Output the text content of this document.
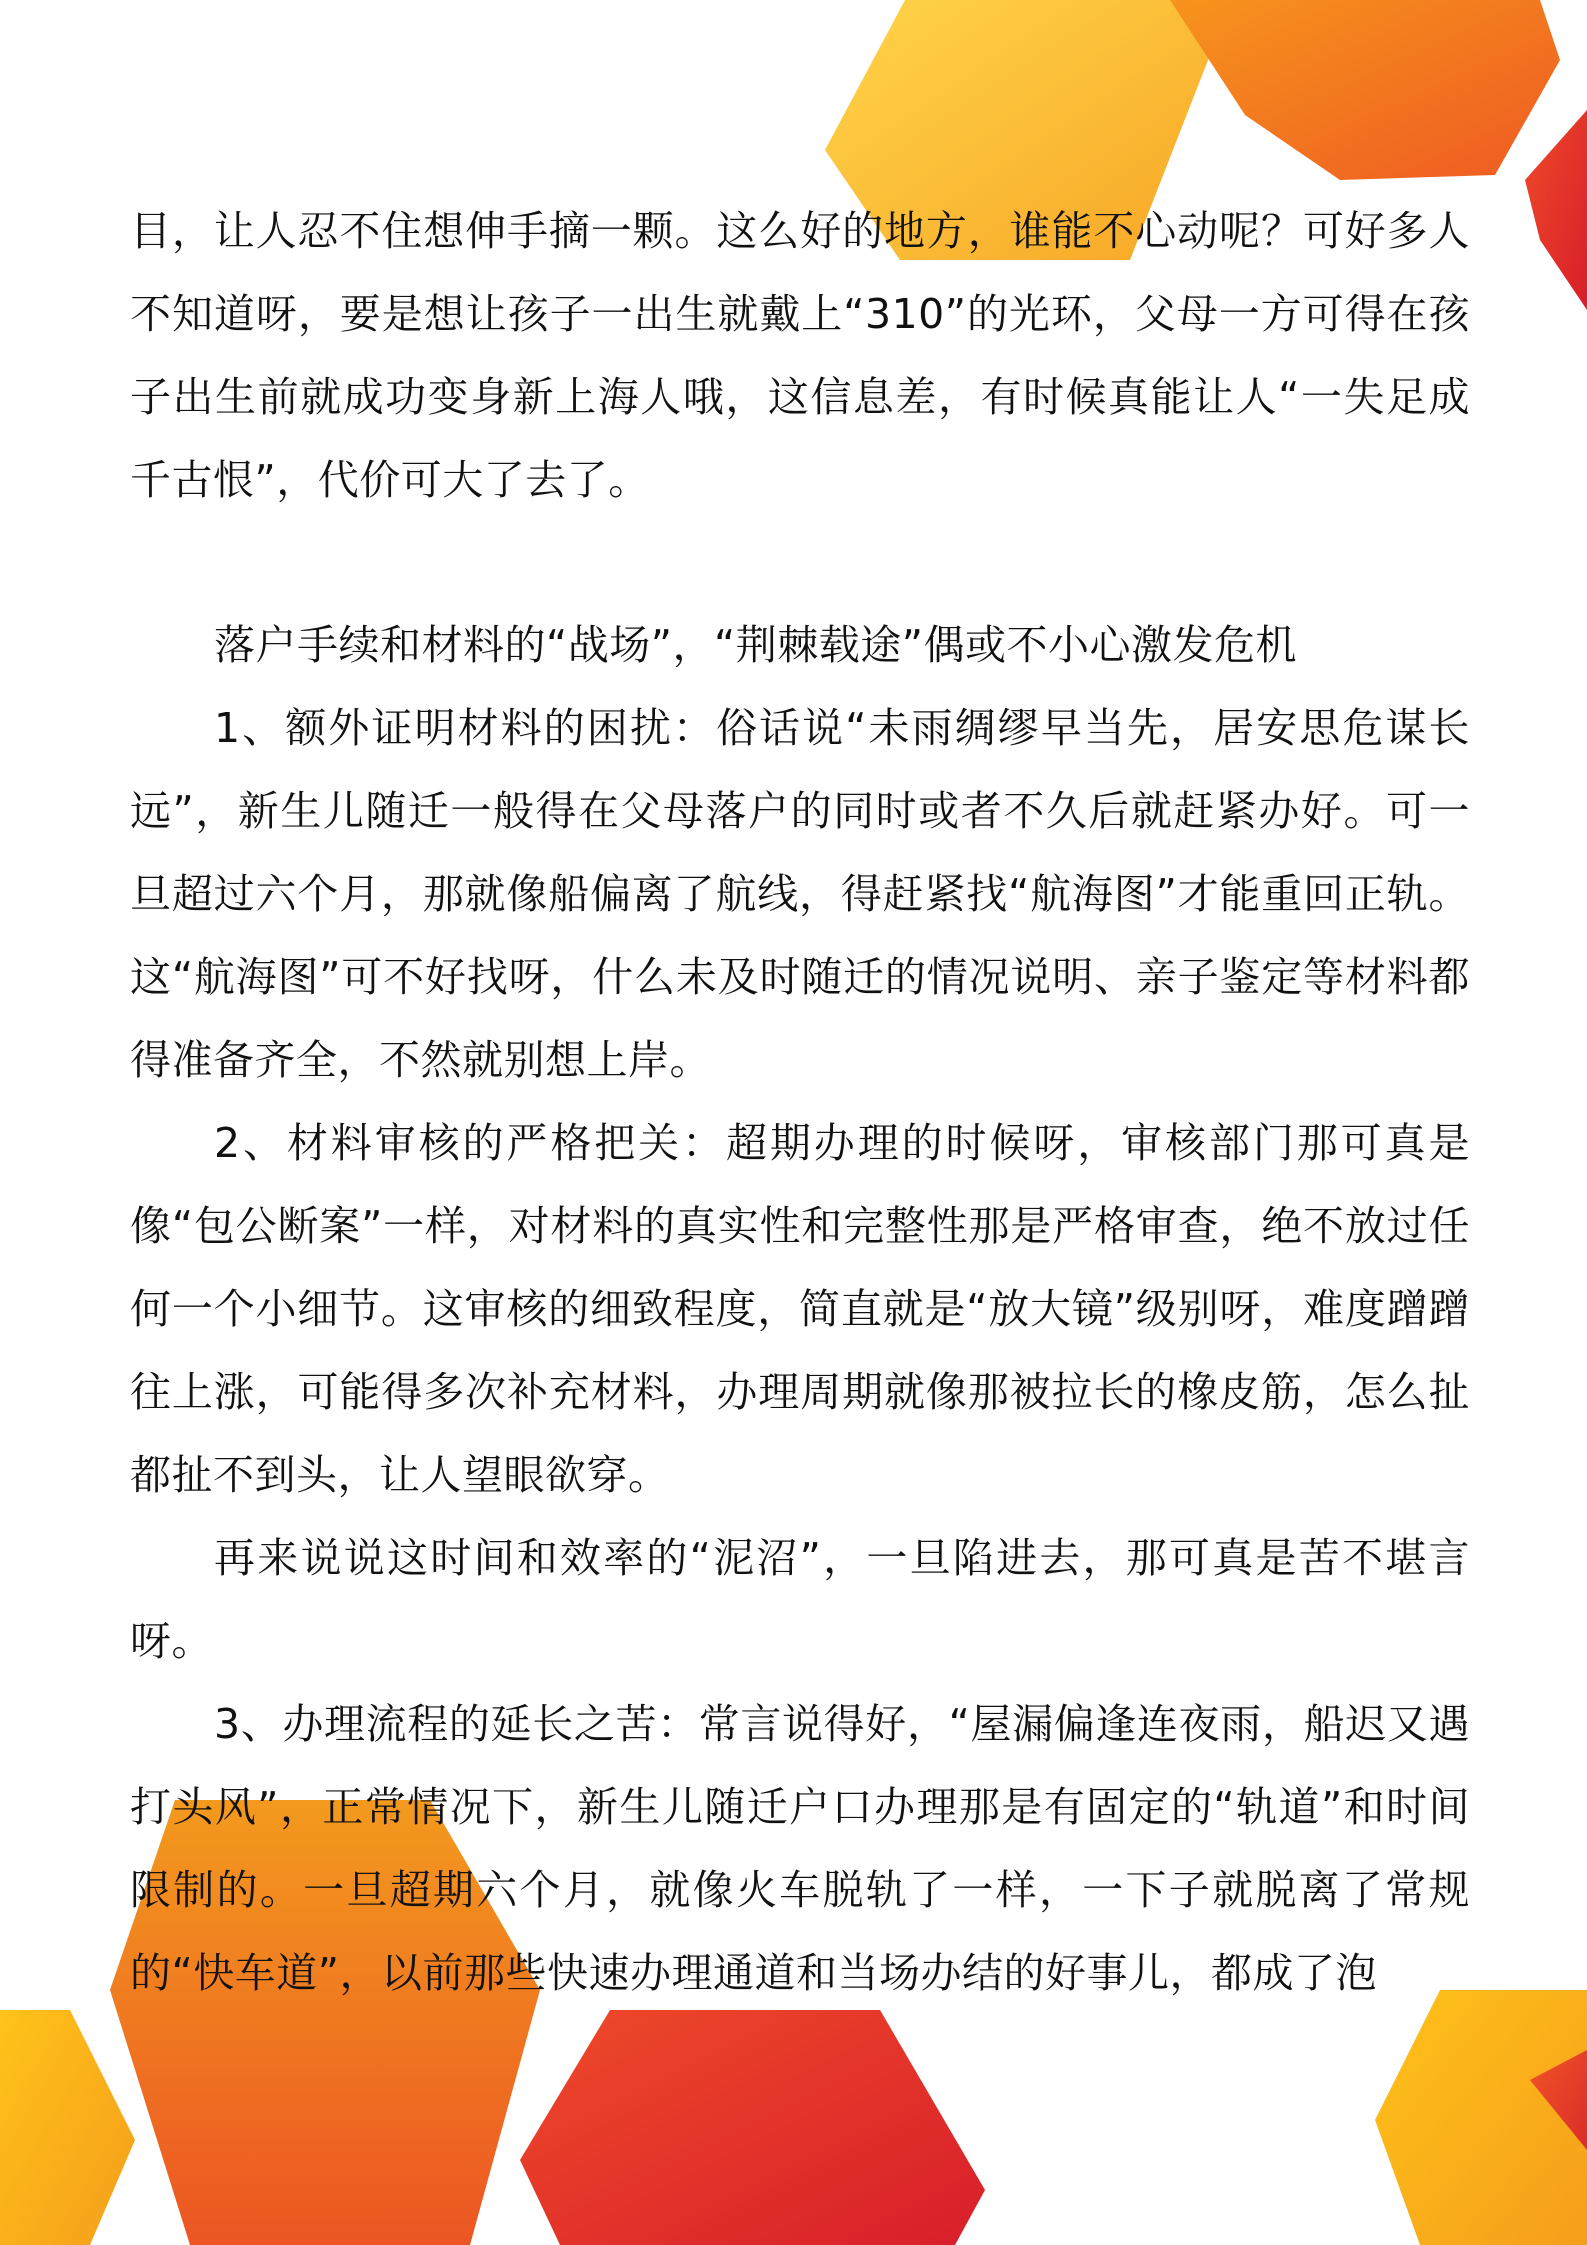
目，让人忍不住想伸手摘一颗。这么好的地方，谁能不心动呢？可好多人不知道呀，要是想让孩子一出生就戴上“310”的光环，父母一方可得在孩子出生前就成功变身新上海人哦，这信息差，有时候真能让人“一失足成千古恨”，代价可大了去了。

落户手续和材料的“战场”，“荆棘载途”偶或不小心激发危机

1、额外证明材料的困扰：俗话说“未雨绸缪早当先，居安思危谋长远”，新生儿随迁一般得在父母落户的同时或者不久后就赶紧办好。可一旦超过六个月，那就像船偏离了航线，得赶紧找“航海图”才能重回正轨。这“航海图”可不好找呀，什么未及时随迁的情况说明、亲子鉴定等材料都得准备齐全，不然就别想上岸。

2、材料审核的严格把关：超期办理的时候呀，审核部门那可真是像“包公断案”一样，对材料的真实性和完整性那是严格审查，绝不放过任何一个小细节。这审核的细致程度，简直就是“放大镜”级别呀，难度蹭蹭往上涨，可能得多次补充材料，办理周期就像那被拉长的橡皮筋，怎么扯都扯不到头，让人望眼欲穿。

再来说说这时间和效率的“泥沼”，一旦陷进去，那可真是苦不堪言呀。

3、办理流程的延长之苦：常言说得好，“屋漏偏逢连夜雨，船迟又遇打头风”，正常情况下，新生儿随迁户口办理那是有固定的“轨道”和时间限制的。一旦超期六个月，就像火车脱轨了一样，一下子就脱离了常规的“快车道”，以前那些快速办理通道和当场办结的好事儿，都成了泡
